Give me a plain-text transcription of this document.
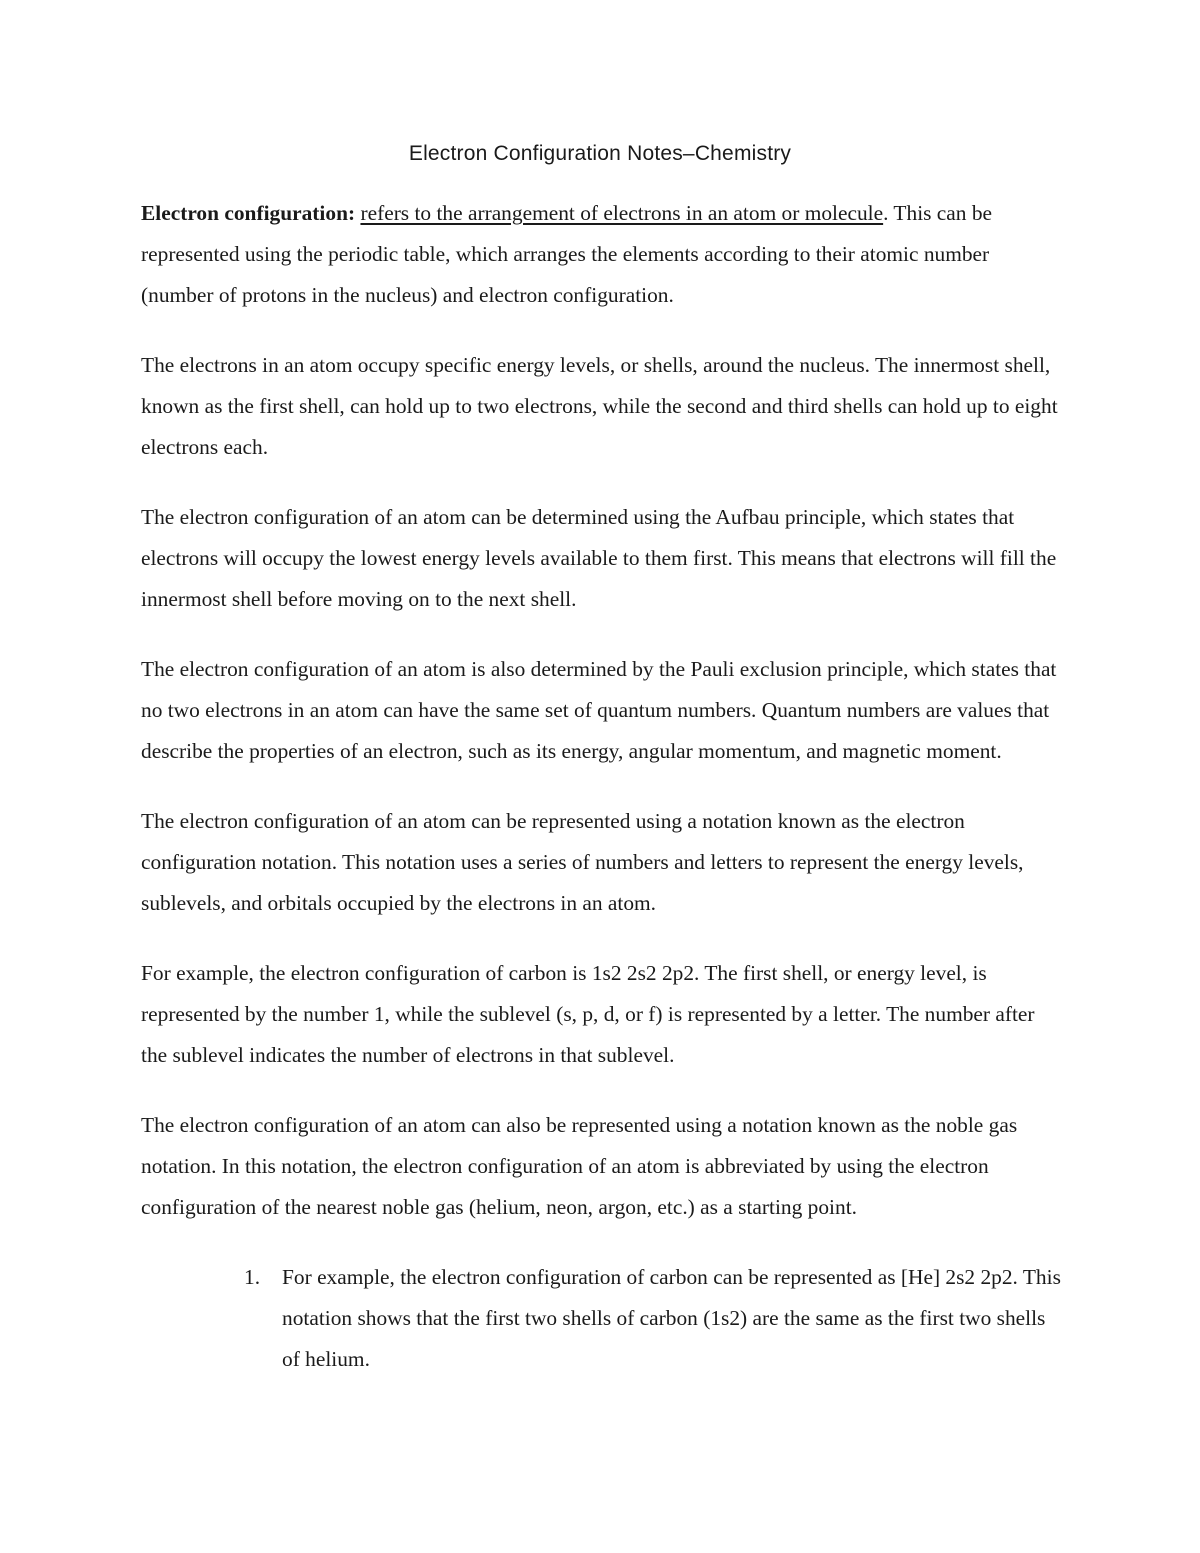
Electron Configuration Notes–Chemistry

Electron configuration: refers to the arrangement of electrons in an atom or molecule. This can be represented using the periodic table, which arranges the elements according to their atomic number (number of protons in the nucleus) and electron configuration.

The electrons in an atom occupy specific energy levels, or shells, around the nucleus. The innermost shell, known as the first shell, can hold up to two electrons, while the second and third shells can hold up to eight electrons each.

The electron configuration of an atom can be determined using the Aufbau principle, which states that electrons will occupy the lowest energy levels available to them first. This means that electrons will fill the innermost shell before moving on to the next shell.

The electron configuration of an atom is also determined by the Pauli exclusion principle, which states that no two electrons in an atom can have the same set of quantum numbers. Quantum numbers are values that describe the properties of an electron, such as its energy, angular momentum, and magnetic moment.

The electron configuration of an atom can be represented using a notation known as the electron configuration notation. This notation uses a series of numbers and letters to represent the energy levels, sublevels, and orbitals occupied by the electrons in an atom.

For example, the electron configuration of carbon is 1s2 2s2 2p2. The first shell, or energy level, is represented by the number 1, while the sublevel (s, p, d, or f) is represented by a letter. The number after the sublevel indicates the number of electrons in that sublevel.

The electron configuration of an atom can also be represented using a notation known as the noble gas notation. In this notation, the electron configuration of an atom is abbreviated by using the electron configuration of the nearest noble gas (helium, neon, argon, etc.) as a starting point.

1. For example, the electron configuration of carbon can be represented as [He] 2s2 2p2. This notation shows that the first two shells of carbon (1s2) are the same as the first two shells of helium.
